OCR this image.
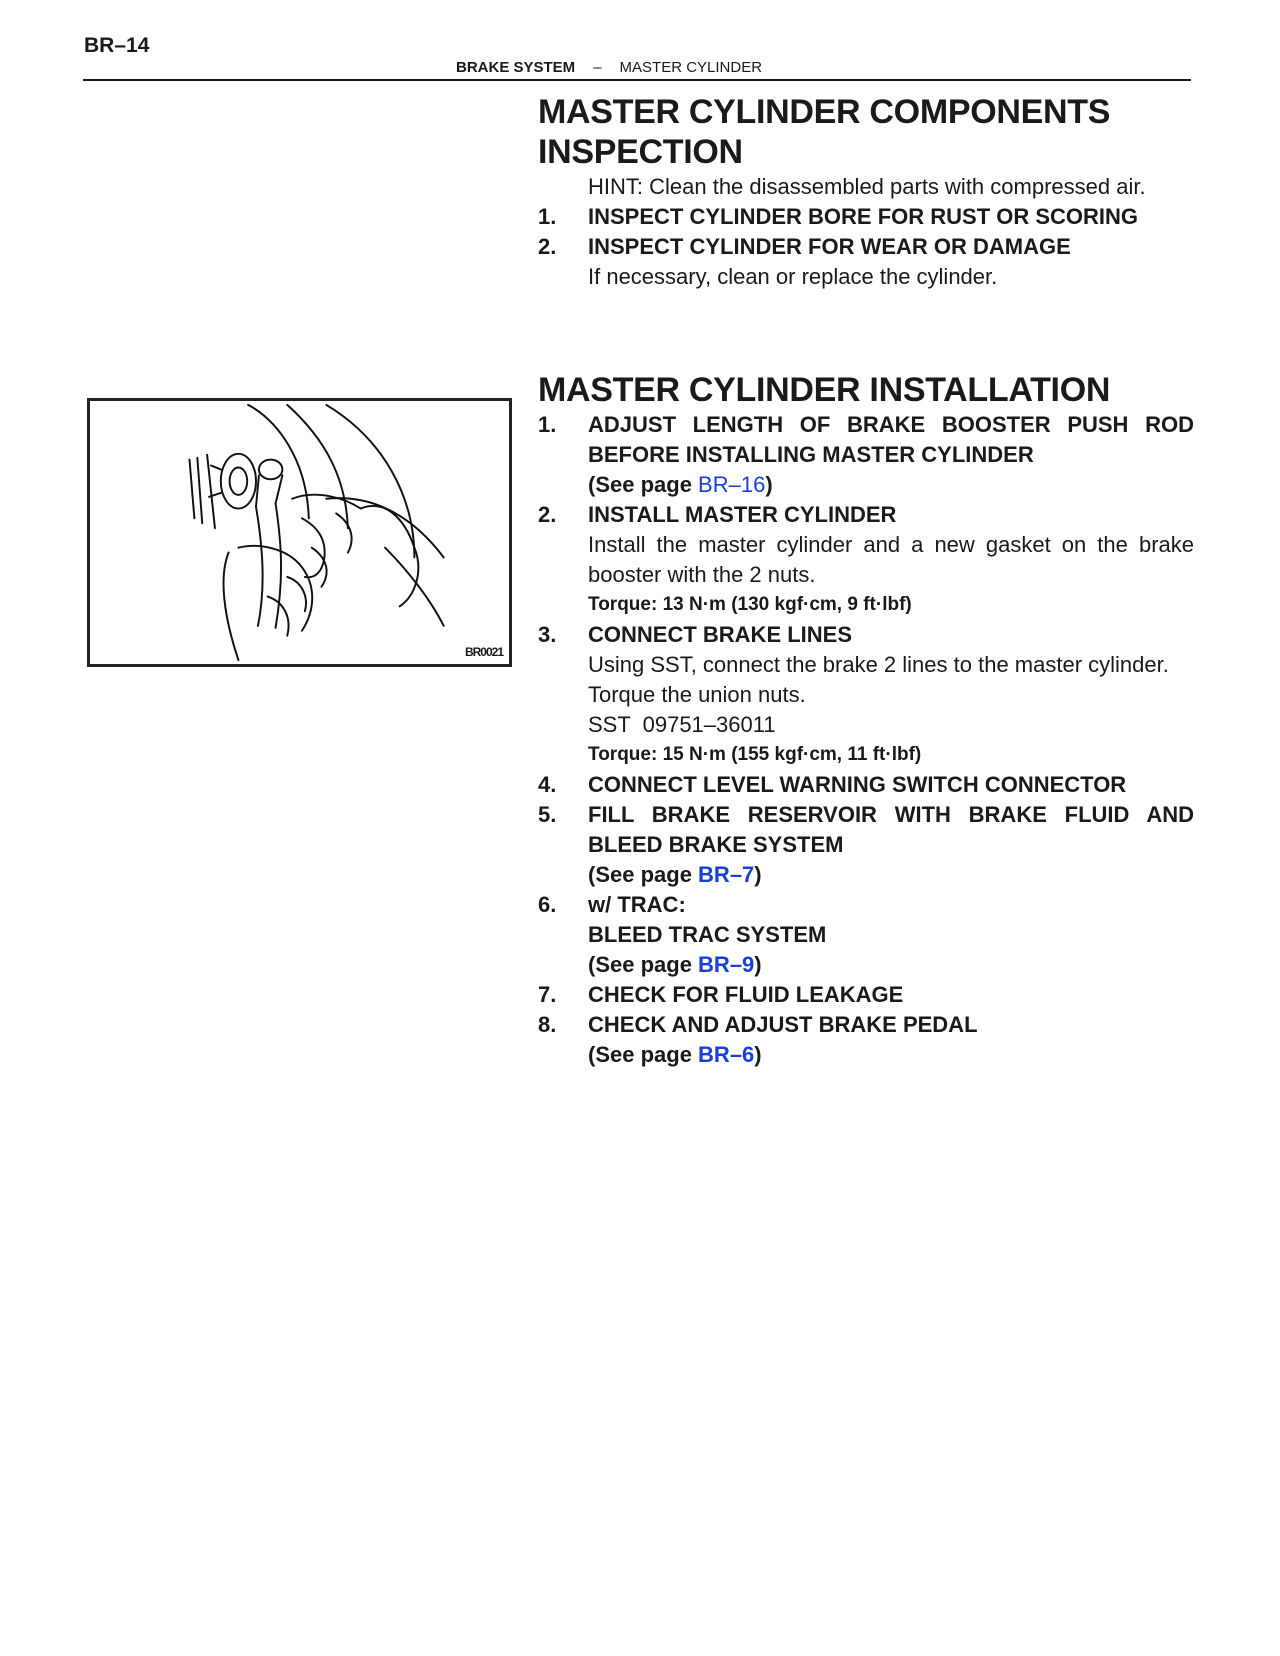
BR–14
BRAKE SYSTEM – MASTER CYLINDER
BR0021
MASTER CYLINDER COMPONENTS
INSPECTION
HINT: Clean the disassembled parts with compressed air.
1.	INSPECT CYLINDER BORE FOR RUST OR SCORING
2.	INSPECT CYLINDER FOR WEAR OR DAMAGE
If necessary, clean or replace the cylinder.
MASTER CYLINDER INSTALLATION
1.	ADJUST LENGTH OF BRAKE BOOSTER PUSH ROD
BEFORE INSTALLING MASTER CYLINDER
(See page BR–16)
2.	INSTALL MASTER CYLINDER
Install the master cylinder and a new gasket on the brake
booster with the 2 nuts.
Torque: 13 N·m (130 kgf·cm, 9 ft·lbf)
3.	CONNECT BRAKE LINES
Using SST, connect the brake 2 lines to the master cylinder.
Torque the union nuts.
SST  09751–36011
Torque: 15 N·m (155 kgf·cm, 11 ft·lbf)
4.	CONNECT LEVEL WARNING SWITCH CONNECTOR
5.	FILL BRAKE RESERVOIR WITH BRAKE FLUID AND
BLEED BRAKE SYSTEM
(See page BR–7)
6.	w/ TRAC:
BLEED TRAC SYSTEM
(See page BR–9)
7.	CHECK FOR FLUID LEAKAGE
8.	CHECK AND ADJUST BRAKE PEDAL
(See page BR–6)
